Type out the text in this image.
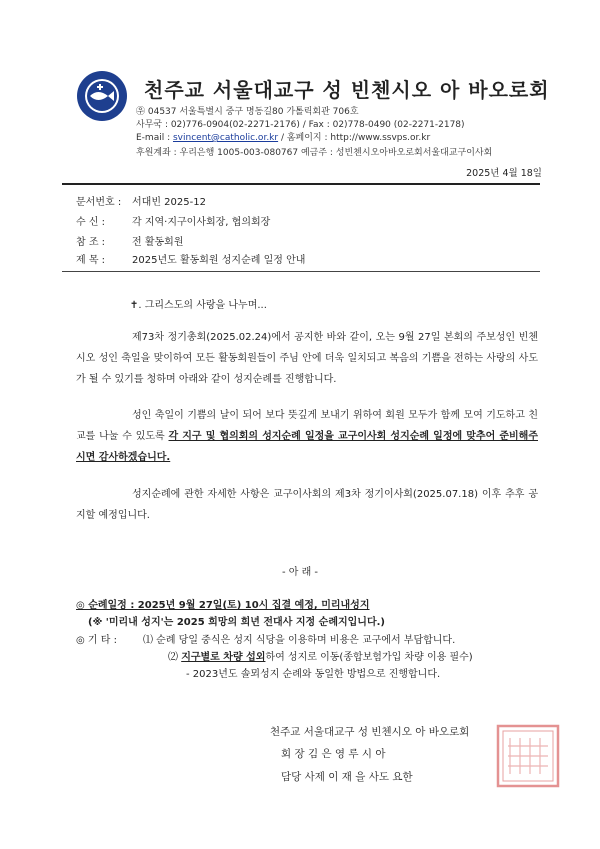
천주교 서울대교구 성 빈첸시오 아 바오로회
㉾ 04537 서울특별시 중구 명동길80 가톨릭회관 706호
사무국 : 02)776-0904(02-2271-2176) / Fax : 02)778-0490 (02-2271-2178)
E-mail : svincent@catholic.or.kr / 홈페이지 : http://www.ssvps.or.kr
후원계좌 : 우리은행 1005-003-080767 예금주 : 성빈첸시오아바오로회서울대교구이사회
2025년 4월 18일
문서번호 : 서대빈 2025-12
수 신 :	각 지역·지구이사회장, 협의회장
참 조 :	전 활동회원
제 목 :	2025년도 활동회원 성지순례 일정 안내
✝. 그리스도의 사랑을 나누며...
제73차 정기총회(2025.02.24)에서 공지한 바와 같이, 오는 9월 27일 본회의 주보성인 빈첸시오 성인 축일을 맞이하여 모든 활동회원들이 주님 안에 더욱 일치되고 복음의 기쁨을 전하는 사랑의 사도가 될 수 있기를 청하며 아래와 같이 성지순례를 진행합니다.
성인 축일이 기쁨의 날이 되어 보다 뜻깊게 보내기 위하여 회원 모두가 함께 모여 기도하고 친교를 나눌 수 있도록 각 지구 및 협의회의 성지순례 일정을 교구이사회 성지순례 일정에 맞추어 준비해주시면 감사하겠습니다.
성지순례에 관한 자세한 사항은 교구이사회의 제3차 정기이사회(2025.07.18) 이후 추후 공지할 예정입니다.
- 아 래 -
◎ 순례일정 : 2025년 9월 27일(토) 10시 집결 예정, 미리내성지
(※ '미리내 성지'는 2025 희망의 희년 전대사 지정 순례지입니다.)
◎ 기 타 :	⑴ 순례 당일 중식은 성지 식당을 이용하며 비용은 교구에서 부담합니다.
⑵ 지구별로 차량 섭외하여 성지로 이동(종합보험가입 차량 이용 필수)
- 2023년도 솔뫼성지 순례와 동일한 방법으로 진행합니다.
천주교 서울대교구 성 빈첸시오 아 바오로회
회 장 김 은 영 루 시 아
담당 사제 이 재 을 사도 요한
